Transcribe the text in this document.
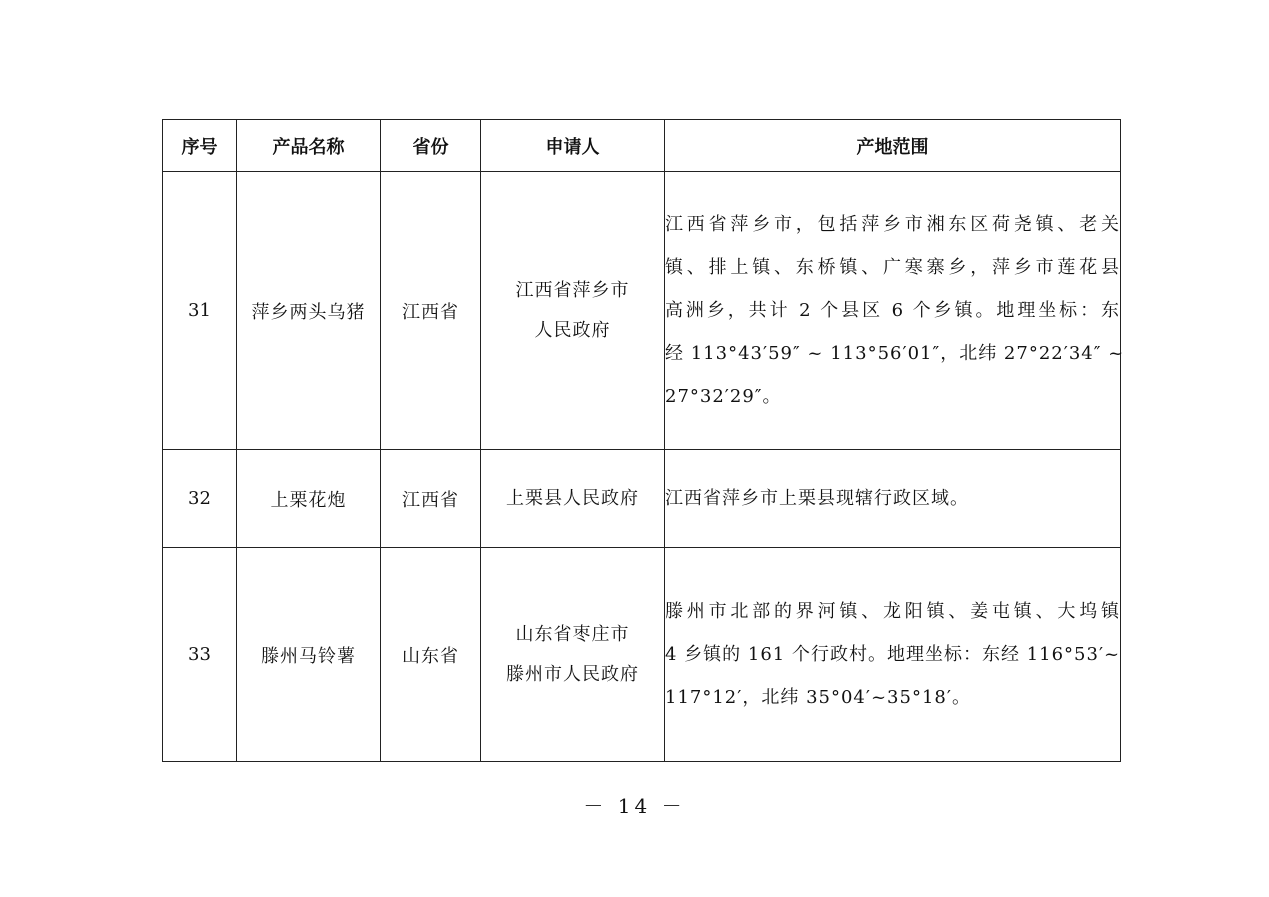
序号	产品名称	省份	申请人	产地范围
31	萍乡两头乌猪	江西省	江西省萍乡市
人民政府	江西省萍乡市，包括萍乡市湘东区荷尧镇、老关
镇、排上镇、东桥镇、广寒寨乡，萍乡市莲花县
高洲乡，共计 2 个县区 6 个乡镇。地理坐标：东
经 113°43′59″ ~ 113°56′01″，北纬 27°22′34″ ~
27°32′29″。

32	上栗花炮	江西省	上栗县人民政府	江西省萍乡市上栗县现辖行政区域。

33	滕州马铃薯	山东省	山东省枣庄市
滕州市人民政府	滕州市北部的界河镇、龙阳镇、姜屯镇、大坞镇
4 乡镇的 161 个行政村。地理坐标：东经 116°53′~
117°12′，北纬 35°04′~35°18′。
－ 14 －
